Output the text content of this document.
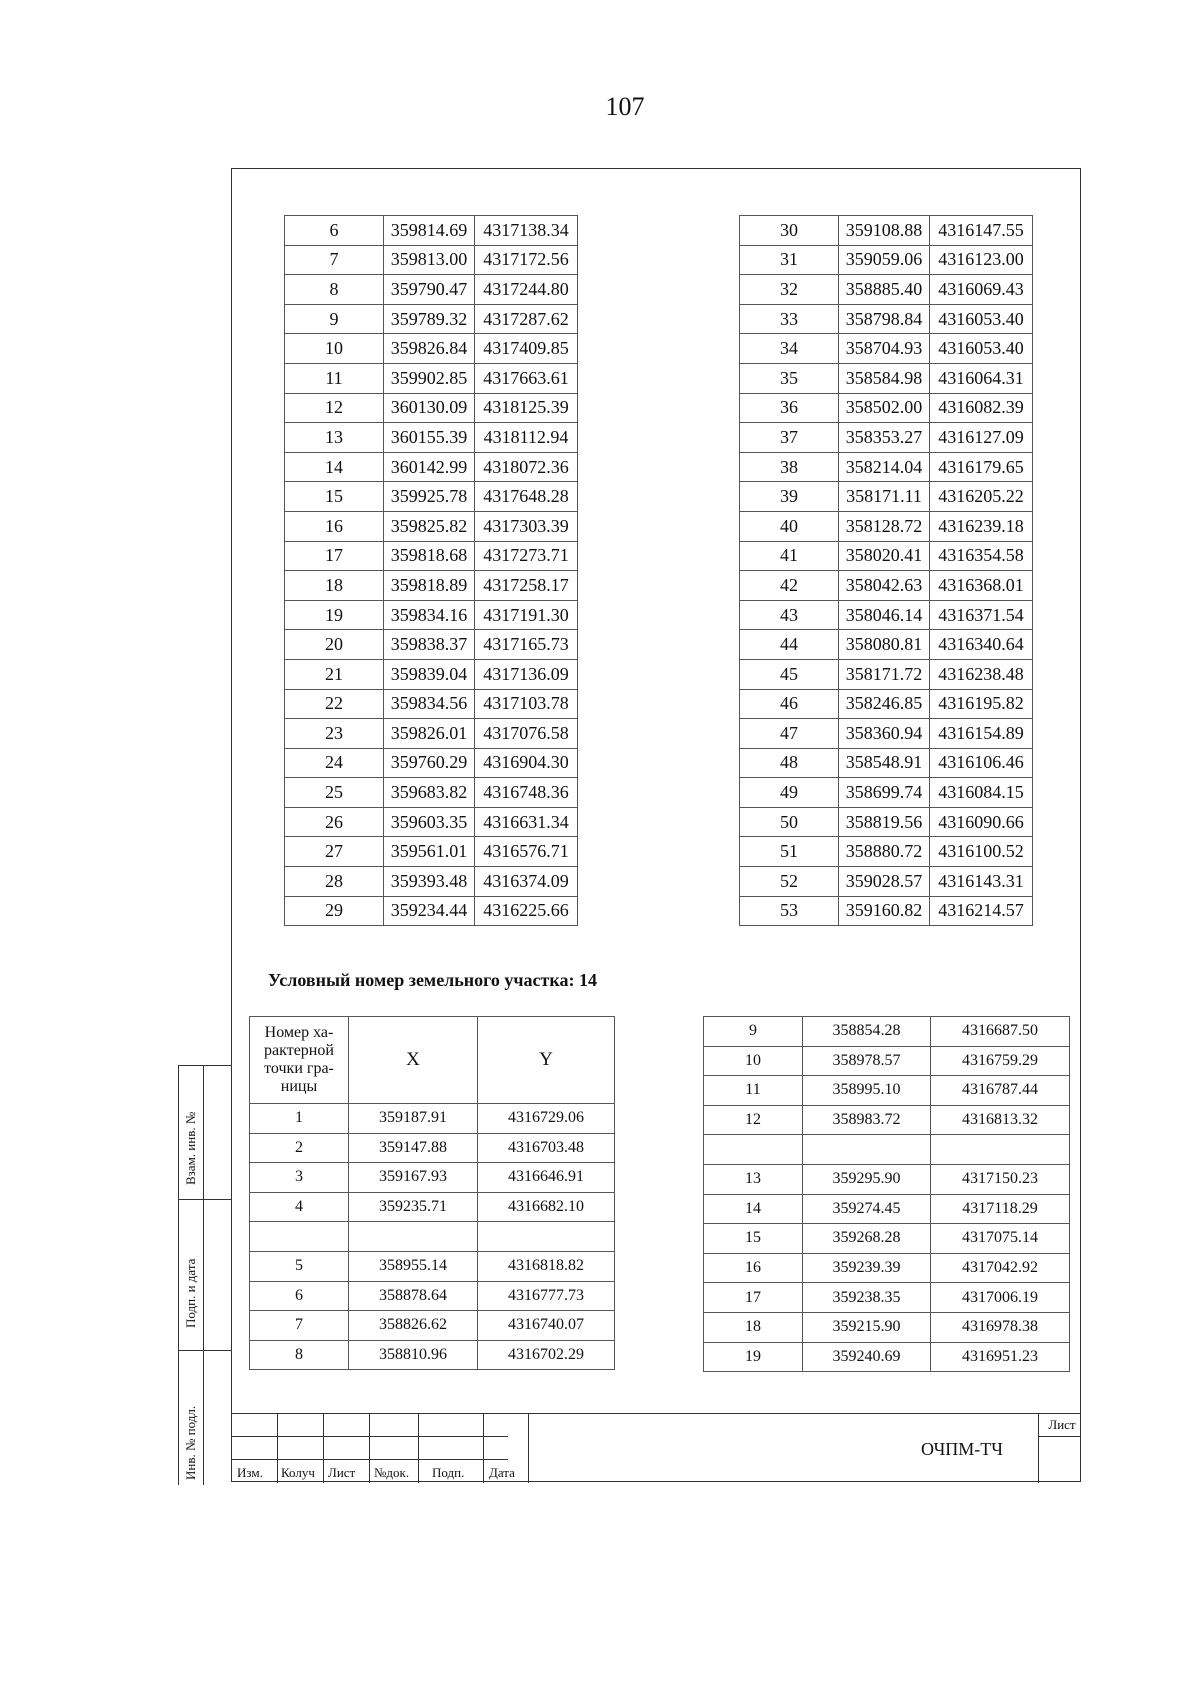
107
6	359814.69	4317138.34
7	359813.00	4317172.56
8	359790.47	4317244.80
9	359789.32	4317287.62
10	359826.84	4317409.85
11	359902.85	4317663.61
12	360130.09	4318125.39
13	360155.39	4318112.94
14	360142.99	4318072.36
15	359925.78	4317648.28
16	359825.82	4317303.39
17	359818.68	4317273.71
18	359818.89	4317258.17
19	359834.16	4317191.30
20	359838.37	4317165.73
21	359839.04	4317136.09
22	359834.56	4317103.78
23	359826.01	4317076.58
24	359760.29	4316904.30
25	359683.82	4316748.36
26	359603.35	4316631.34
27	359561.01	4316576.71
28	359393.48	4316374.09
29	359234.44	4316225.66
30	359108.88	4316147.55
31	359059.06	4316123.00
32	358885.40	4316069.43
33	358798.84	4316053.40
34	358704.93	4316053.40
35	358584.98	4316064.31
36	358502.00	4316082.39
37	358353.27	4316127.09
38	358214.04	4316179.65
39	358171.11	4316205.22
40	358128.72	4316239.18
41	358020.41	4316354.58
42	358042.63	4316368.01
43	358046.14	4316371.54
44	358080.81	4316340.64
45	358171.72	4316238.48
46	358246.85	4316195.82
47	358360.94	4316154.89
48	358548.91	4316106.46
49	358699.74	4316084.15
50	358819.56	4316090.66
51	358880.72	4316100.52
52	359028.57	4316143.31
53	359160.82	4316214.57
Условный номер земельного участка: 14
Номер ха-
рактерной
точки гра-
ницы	X	Y
1	359187.91	4316729.06
2	359147.88	4316703.48
3	359167.93	4316646.91
4	359235.71	4316682.10

5	358955.14	4316818.82
6	358878.64	4316777.73
7	358826.62	4316740.07
8	358810.96	4316702.29
9	358854.28	4316687.50
10	358978.57	4316759.29
11	358995.10	4316787.44
12	358983.72	4316813.32

13	359295.90	4317150.23
14	359274.45	4317118.29
15	359268.28	4317075.14
16	359239.39	4317042.92
17	359238.35	4317006.19
18	359215.90	4316978.38
19	359240.69	4316951.23
Взам. инв. №
Подп. и дата
Инв. № подл.	Изм. Колуч Лист №док. Подп. Дата
ОЧПМ-ТЧ
Лист
